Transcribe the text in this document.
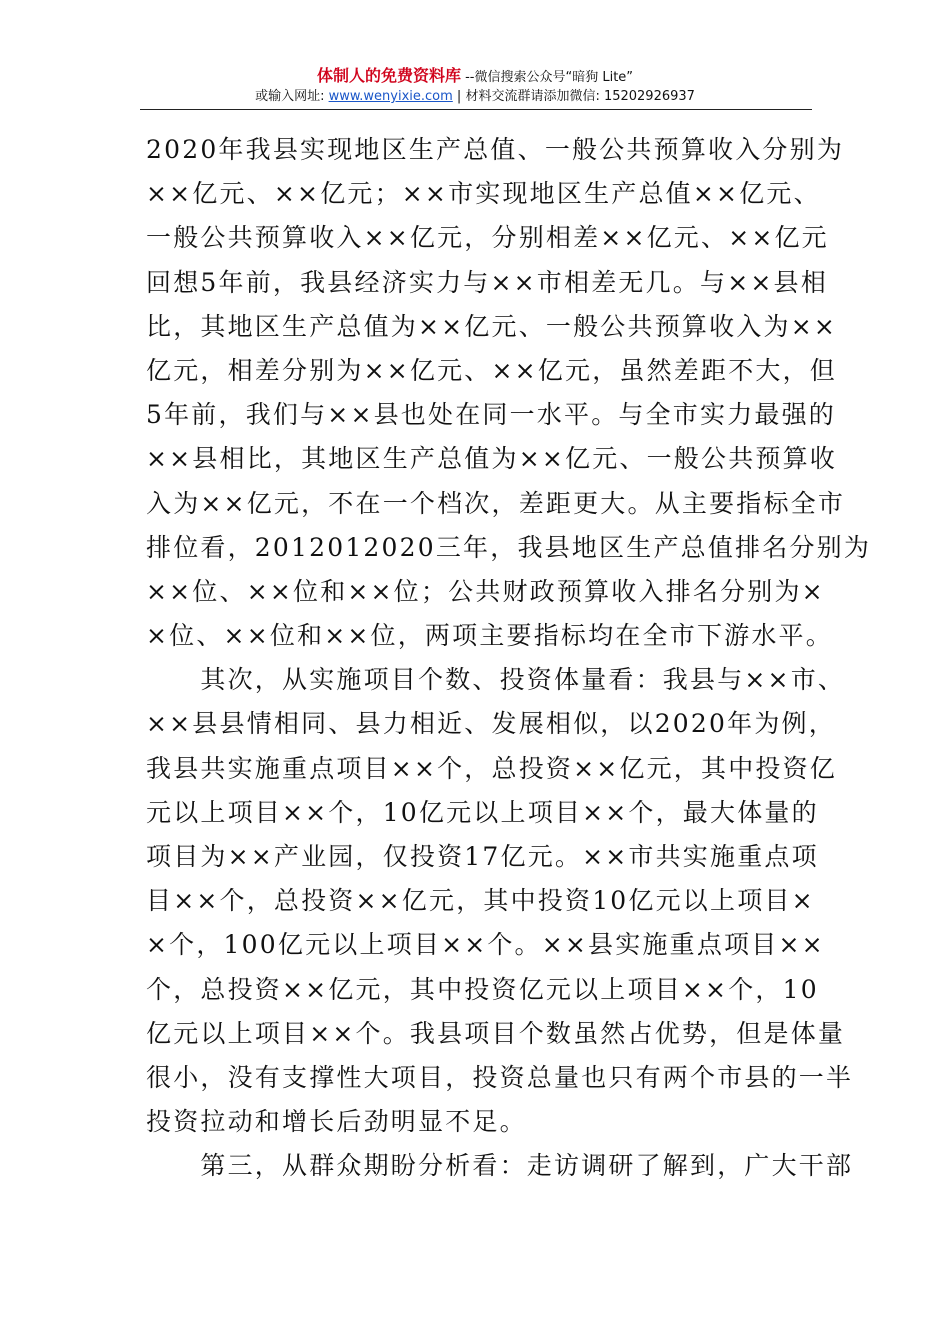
体制人的免费资料库 --微信搜索公众号“暗狗 Lite”
或输入网址: www.wenyixie.com | 材料交流群请添加微信: 15202926937
2020年我县实现地区生产总值、一般公共预算收入分别为
××亿元、××亿元；××市实现地区生产总值××亿元、
一般公共预算收入××亿元，分别相差××亿元、××亿元
回想5年前，我县经济实力与××市相差无几。与××县相
比，其地区生产总值为××亿元、一般公共预算收入为××
亿元，相差分别为××亿元、××亿元，虽然差距不大，但
5年前，我们与××县也处在同一水平。与全市实力最强的
××县相比，其地区生产总值为××亿元、一般公共预算收
入为××亿元，不在一个档次，差距更大。从主要指标全市
排位看，2012012020三年，我县地区生产总值排名分别为
××位、××位和××位；公共财政预算收入排名分别为×
×位、××位和××位，两项主要指标均在全市下游水平。
　　其次，从实施项目个数、投资体量看：我县与××市、
××县县情相同、县力相近、发展相似，以2020年为例，
我县共实施重点项目××个，总投资××亿元，其中投资亿
元以上项目××个，10亿元以上项目××个，最大体量的
项目为××产业园，仅投资17亿元。××市共实施重点项
目××个，总投资××亿元，其中投资10亿元以上项目×
×个，100亿元以上项目××个。××县实施重点项目××
个，总投资××亿元，其中投资亿元以上项目××个，10
亿元以上项目××个。我县项目个数虽然占优势，但是体量
很小，没有支撑性大项目，投资总量也只有两个市县的一半
投资拉动和增长后劲明显不足。
　　第三，从群众期盼分析看：走访调研了解到，广大干部
